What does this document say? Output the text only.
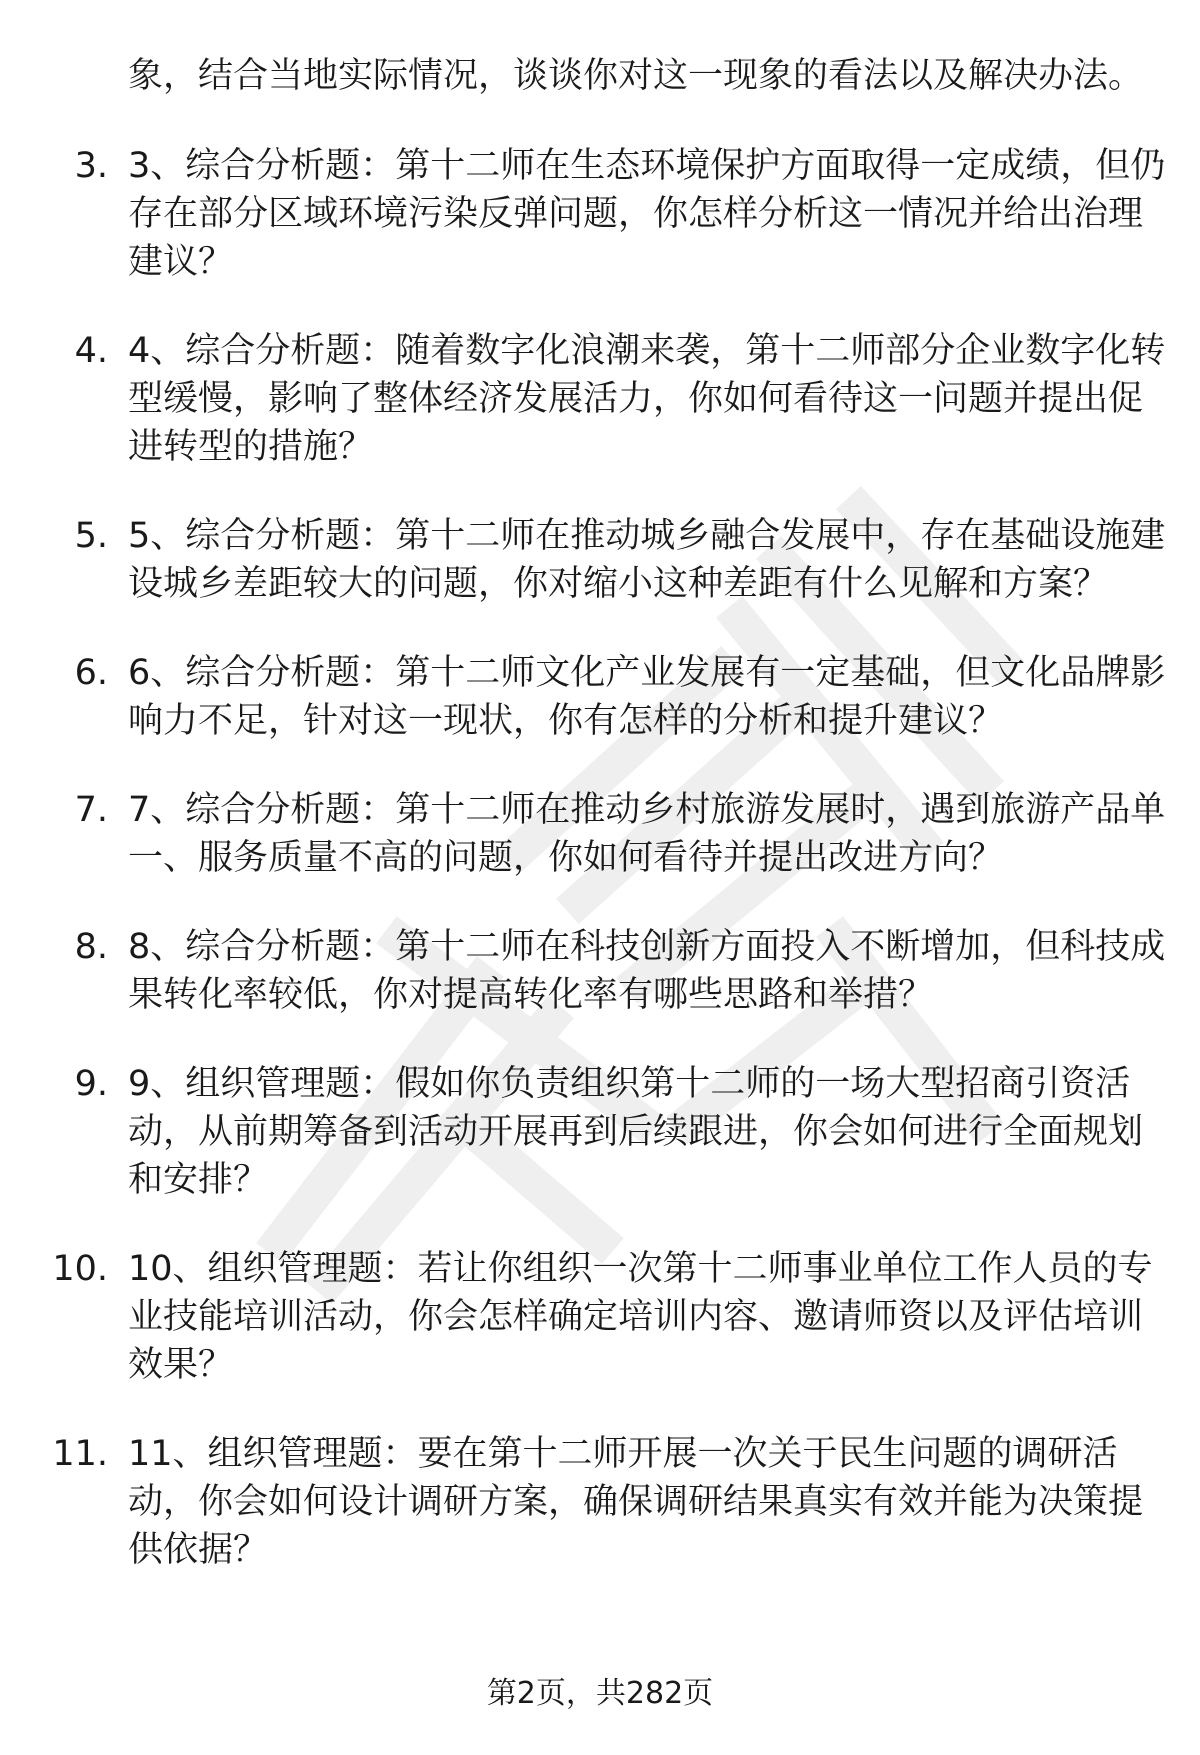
象，结合当地实际情况，谈谈你对这一现象的看法以及解决办法。
3. 3、综合分析题：第十二师在生态环境保护方面取得一定成绩，但仍存在部分区域环境污染反弹问题，你怎样分析这一情况并给出治理建议？
4. 4、综合分析题：随着数字化浪潮来袭，第十二师部分企业数字化转型缓慢，影响了整体经济发展活力，你如何看待这一问题并提出促进转型的措施？
5. 5、综合分析题：第十二师在推动城乡融合发展中，存在基础设施建设城乡差距较大的问题，你对缩小这种差距有什么见解和方案？
6. 6、综合分析题：第十二师文化产业发展有一定基础，但文化品牌影响力不足，针对这一现状，你有怎样的分析和提升建议？
7. 7、综合分析题：第十二师在推动乡村旅游发展时，遇到旅游产品单一、服务质量不高的问题，你如何看待并提出改进方向？
8. 8、综合分析题：第十二师在科技创新方面投入不断增加，但科技成果转化率较低，你对提高转化率有哪些思路和举措？
9. 9、组织管理题：假如你负责组织第十二师的一场大型招商引资活动，从前期筹备到活动开展再到后续跟进，你会如何进行全面规划和安排？
10. 10、组织管理题：若让你组织一次第十二师事业单位工作人员的专业技能培训活动，你会怎样确定培训内容、邀请师资以及评估培训效果？
11. 11、组织管理题：要在第十二师开展一次关于民生问题的调研活动，你会如何设计调研方案，确保调研结果真实有效并能为决策提供依据？
第2页，共282页
